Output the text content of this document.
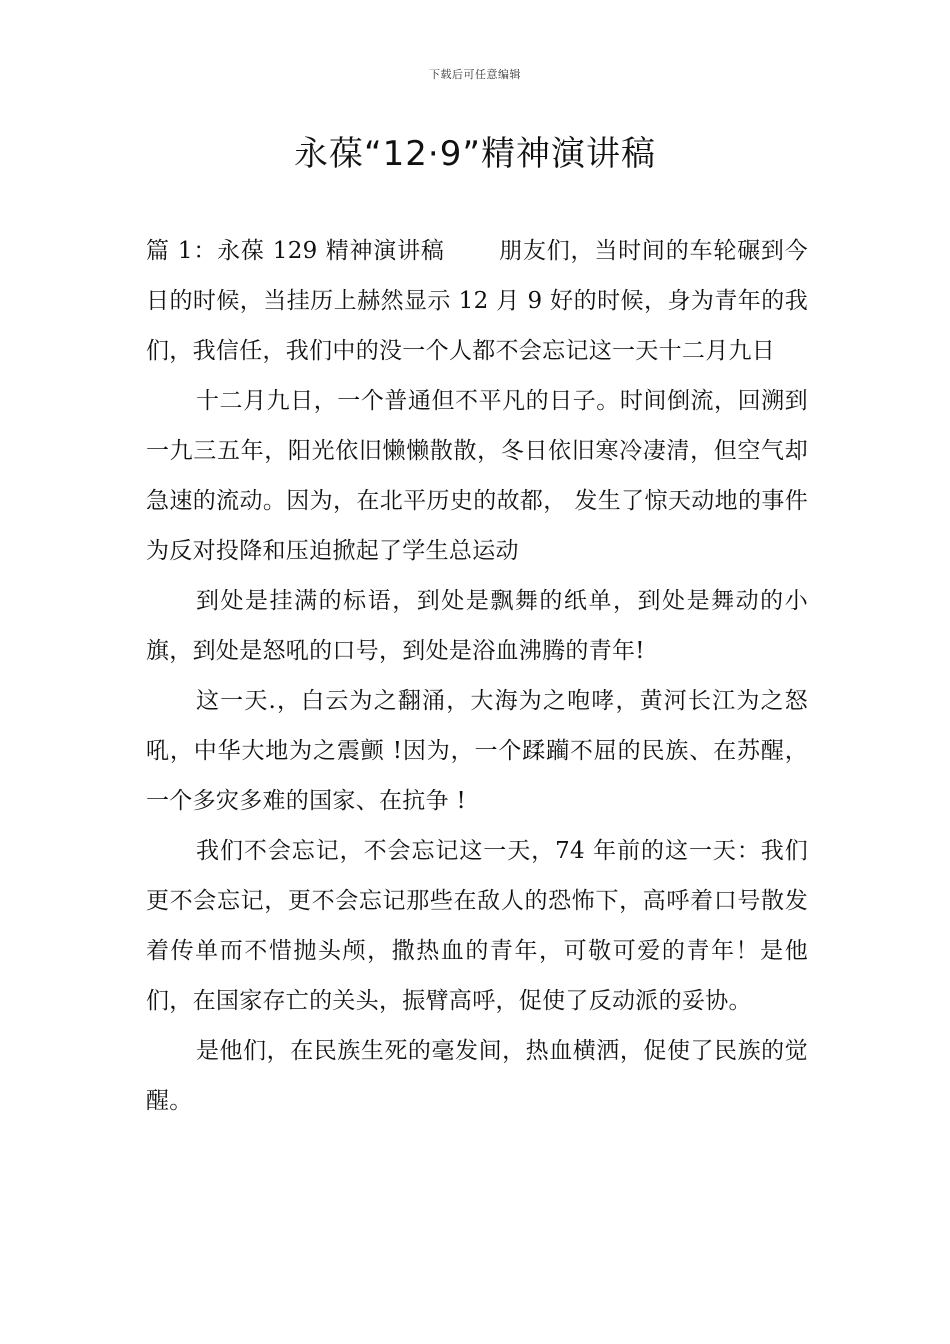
下载后可任意编辑
永葆“12·9”精神演讲稿

篇 1：永葆 129 精神演讲稿 朋友们，当时间的车轮碾到今日的时候，当挂历上赫然显示 12 月 9 好的时候，身为青年的我们，我信任，我们中的没一个人都不会忘记这一天十二月九日

十二月九日，一个普通但不平凡的日子。时间倒流，回溯到一九三五年，阳光依旧懒懒散散，冬日依旧寒冷凄清，但空气却急速的流动。因为，在北平历史的故都， 发生了惊天动地的事件为反对投降和压迫掀起了学生总运动

到处是挂满的标语，到处是飘舞的纸单，到处是舞动的小旗，到处是怒吼的口号，到处是浴血沸腾的青年!

这一天.，白云为之翻涌，大海为之咆哮，黄河长江为之怒吼，中华大地为之震颤 !因为，一个蹂躏不屈的民族、在苏醒，一个多灾多难的国家、在抗争 !

我们不会忘记，不会忘记这一天，74 年前的这一天：我们更不会忘记，更不会忘记那些在敌人的恐怖下，高呼着口号散发着传单而不惜抛头颅，撒热血的青年，可敬可爱的青年！是他们，在国家存亡的关头，振臂高呼，促使了反动派的妥协。

是他们，在民族生死的毫发间，热血横洒，促使了民族的觉醒。
